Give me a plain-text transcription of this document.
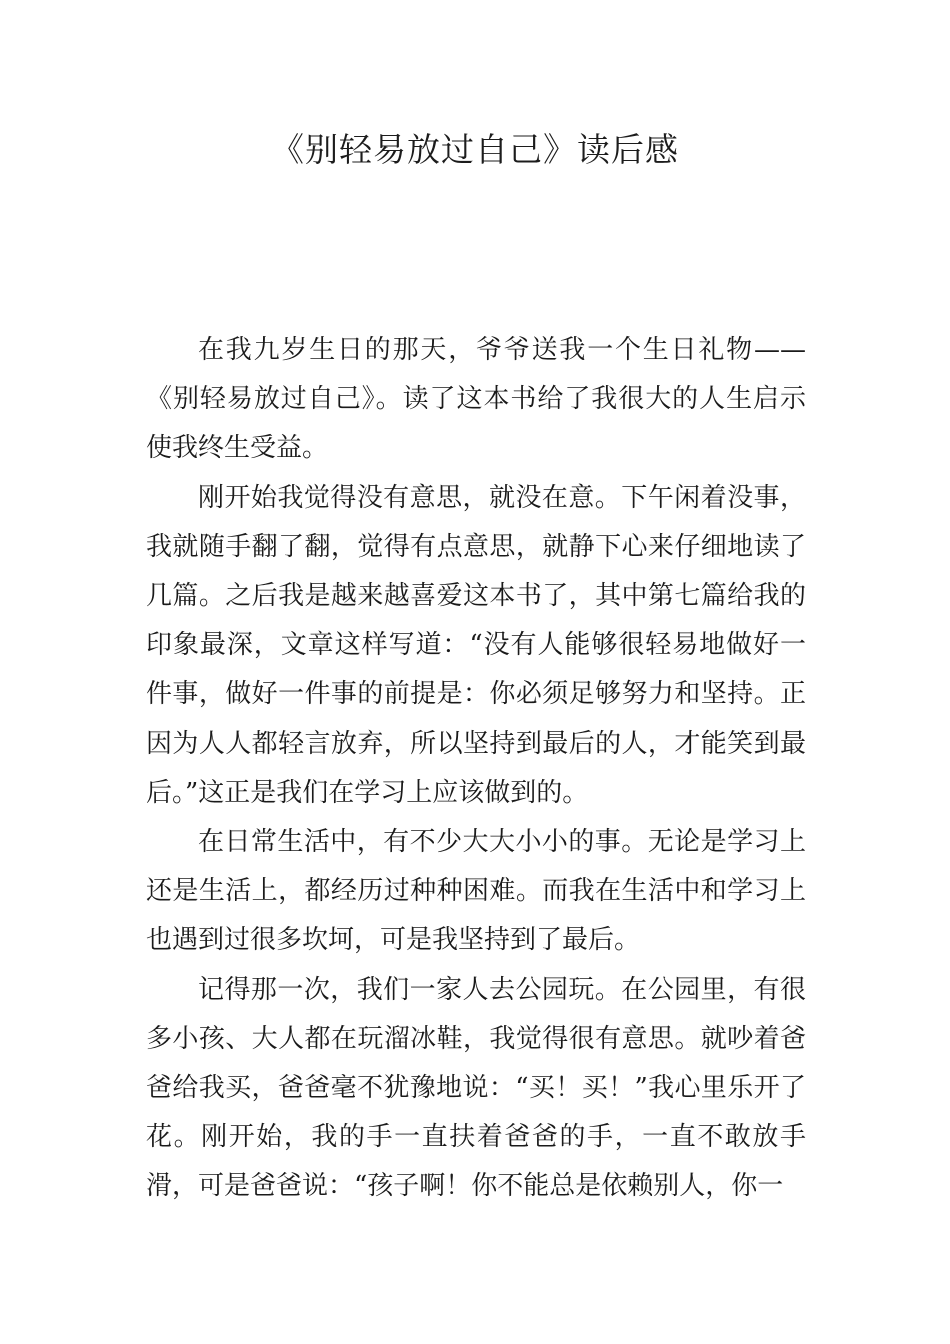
《别轻易放过自己》读后感

在我九岁生日的那天，爷爷送我一个生日礼物——《别轻易放过自己》。读了这本书给了我很大的人生启示使我终生受益。

刚开始我觉得没有意思，就没在意。下午闲着没事，我就随手翻了翻，觉得有点意思，就静下心来仔细地读了几篇。之后我是越来越喜爱这本书了，其中第七篇给我的印象最深，文章这样写道：“没有人能够很轻易地做好一件事，做好一件事的前提是：你必须足够努力和坚持。正因为人人都轻言放弃，所以坚持到最后的人，才能笑到最后。”这正是我们在学习上应该做到的。

在日常生活中，有不少大大小小的事。无论是学习上还是生活上，都经历过种种困难。而我在生活中和学习上也遇到过很多坎坷，可是我坚持到了最后。

记得那一次，我们一家人去公园玩。在公园里，有很多小孩、大人都在玩溜冰鞋，我觉得很有意思。就吵着爸爸给我买，爸爸毫不犹豫地说：“买！买！”我心里乐开了花。刚开始，我的手一直扶着爸爸的手，一直不敢放手滑，可是爸爸说：“孩子啊！你不能总是依赖别人，你一
